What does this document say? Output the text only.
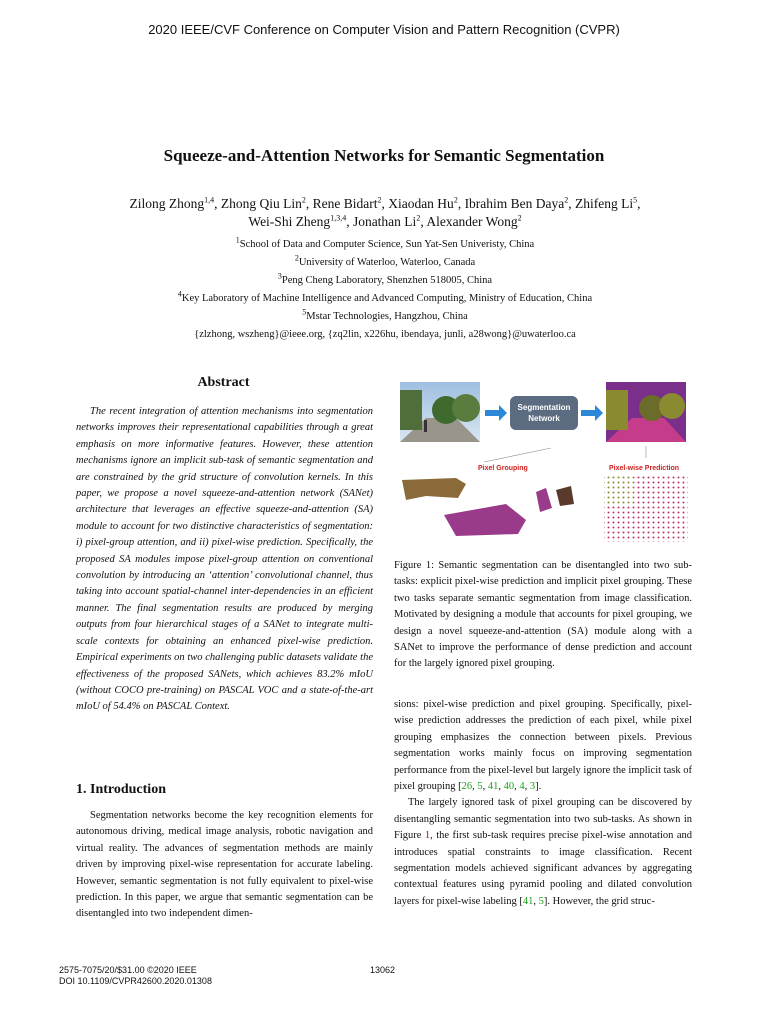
2020 IEEE/CVF Conference on Computer Vision and Pattern Recognition (CVPR)
Squeeze-and-Attention Networks for Semantic Segmentation
Zilong Zhong$^{1,4}$, Zhong Qiu Lin$^2$, Rene Bidart$^2$, Xiaodan Hu$^2$, Ibrahim Ben Daya$^2$, Zhifeng Li$^5$,
Wei-Shi Zheng$^{1,3,4}$, Jonathan Li$^2$, Alexander Wong$^2$
$^1$School of Data and Computer Science, Sun Yat-Sen Univeristy, China
$^2$University of Waterloo, Waterloo, Canada
$^3$Peng Cheng Laboratory, Shenzhen 518005, China
$^4$Key Laboratory of Machine Intelligence and Advanced Computing, Ministry of Education, China
$^5$Mstar Technologies, Hangzhou, China
{zlzhong, wszheng}@ieee.org, {zq2lin, x226hu, ibendaya, junli, a28wong}@uwaterloo.ca
Abstract

The recent integration of attention mechanisms into segmentation networks improves their representational capabilities through a great emphasis on more informative features. However, these attention mechanisms ignore an implicit sub-task of semantic segmentation and are constrained by the grid structure of convolution kernels. In this paper, we propose a novel squeeze-and-attention network (SANet) architecture that leverages an effective squeeze-and-attention (SA) module to account for two distinctive characteristics of segmentation: i) pixel-group attention, and ii) pixel-wise prediction. Specifically, the proposed SA modules impose pixel-group attention on conventional convolution by introducing an ‘attention’ convolutional channel, thus taking into account spatial-channel inter-dependencies in an efficient manner. The final segmentation results are produced by merging outputs from four hierarchical stages of a SANet to integrate multi-scale contexts for obtaining an enhanced pixel-wise prediction. Empirical experiments on two challenging public datasets validate the effectiveness of the proposed SANets, which achieves 83.2% mIoU (without COCO pre-training) on PASCAL VOC and a state-of-the-art mIoU of 54.4% on PASCAL Context.

1. Introduction

Segmentation networks become the key recognition elements for autonomous driving, medical image analysis, robotic navigation and virtual reality. The advances of segmentation methods are mainly driven by improving pixel-wise representation for accurate labeling. However, semantic segmentation is not fully equivalent to pixel-wise prediction. In this paper, we argue that semantic segmentation can be disentangled into two independent dimen-

Segmentation
Network
Pixel Grouping	Pixel-wise Prediction

Figure 1: Semantic segmentation can be disentangled into two sub-tasks: explicit pixel-wise prediction and implicit pixel grouping. These two tasks separate semantic segmentation from image classification. Motivated by designing a module that accounts for pixel grouping, we design a novel squeeze-and-attention (SA) module along with a SANet to improve the performance of dense prediction and account for the largely ignored pixel grouping.

sions: pixel-wise prediction and pixel grouping. Specifically, pixel-wise prediction addresses the prediction of each pixel, while pixel grouping emphasizes the connection between pixels. Previous segmentation works mainly focus on improving segmentation performance from the pixel-level but largely ignore the implicit task of pixel grouping [26, 5, 41, 40, 4, 3].

The largely ignored task of pixel grouping can be discovered by disentangling semantic segmentation into two sub-tasks. As shown in Figure 1, the first sub-task requires precise pixel-wise annotation and introduces spatial constraints to image classification. Recent segmentation models achieved significant advances by aggregating contextual features using pyramid pooling and dilated convolution layers for pixel-wise labeling [41, 5]. However, the grid struc-

2575-7075/20/$31.00 ©2020 IEEE
DOI 10.1109/CVPR42600.2020.01308
13062
